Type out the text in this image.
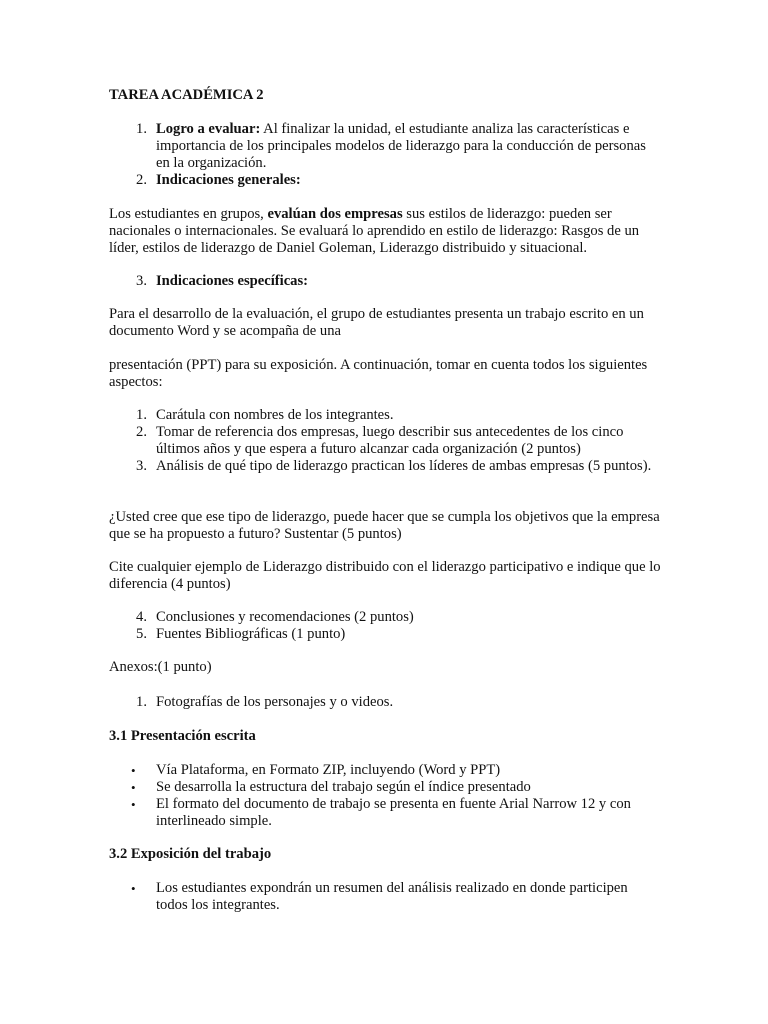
TAREA ACADÉMICA 2
1. Logro a evaluar: Al finalizar la unidad, el estudiante analiza las características e importancia de los principales modelos de liderazgo para la conducción de personas en la organización.
2. Indicaciones generales:

Los estudiantes en grupos, evalúan dos empresas sus estilos de liderazgo: pueden ser nacionales o internacionales. Se evaluará lo aprendido en estilo de liderazgo: Rasgos de un líder, estilos de liderazgo de Daniel Goleman, Liderazgo distribuido y situacional.

3. Indicaciones específicas:

Para el desarrollo de la evaluación, el grupo de estudiantes presenta un trabajo escrito en un documento Word y se acompaña de una

presentación (PPT) para su exposición. A continuación, tomar en cuenta todos los siguientes aspectos:

1. Carátula con nombres de los integrantes.
2. Tomar de referencia dos empresas, luego describir sus antecedentes de los cinco últimos años y que espera a futuro alcanzar cada organización (2 puntos)
3. Análisis de qué tipo de liderazgo practican los líderes de ambas empresas (5 puntos).

¿Usted cree que ese tipo de liderazgo, puede hacer que se cumpla los objetivos que la empresa que se ha propuesto a futuro? Sustentar (5 puntos)

Cite cualquier ejemplo de Liderazgo distribuido con el liderazgo participativo e indique que lo diferencia (4 puntos)

4. Conclusiones y recomendaciones (2 puntos)
5. Fuentes Bibliográficas (1 punto)

Anexos:(1 punto)

1. Fotografías de los personajes y o videos.

3.1 Presentación escrita

•	Vía Plataforma, en Formato ZIP, incluyendo (Word y PPT)
•	Se desarrolla la estructura del trabajo según el índice presentado
•	El formato del documento de trabajo se presenta en fuente Arial Narrow 12 y con interlineado simple.

3.2 Exposición del trabajo

•	Los estudiantes expondrán un resumen del análisis realizado en donde participen todos los integrantes.
